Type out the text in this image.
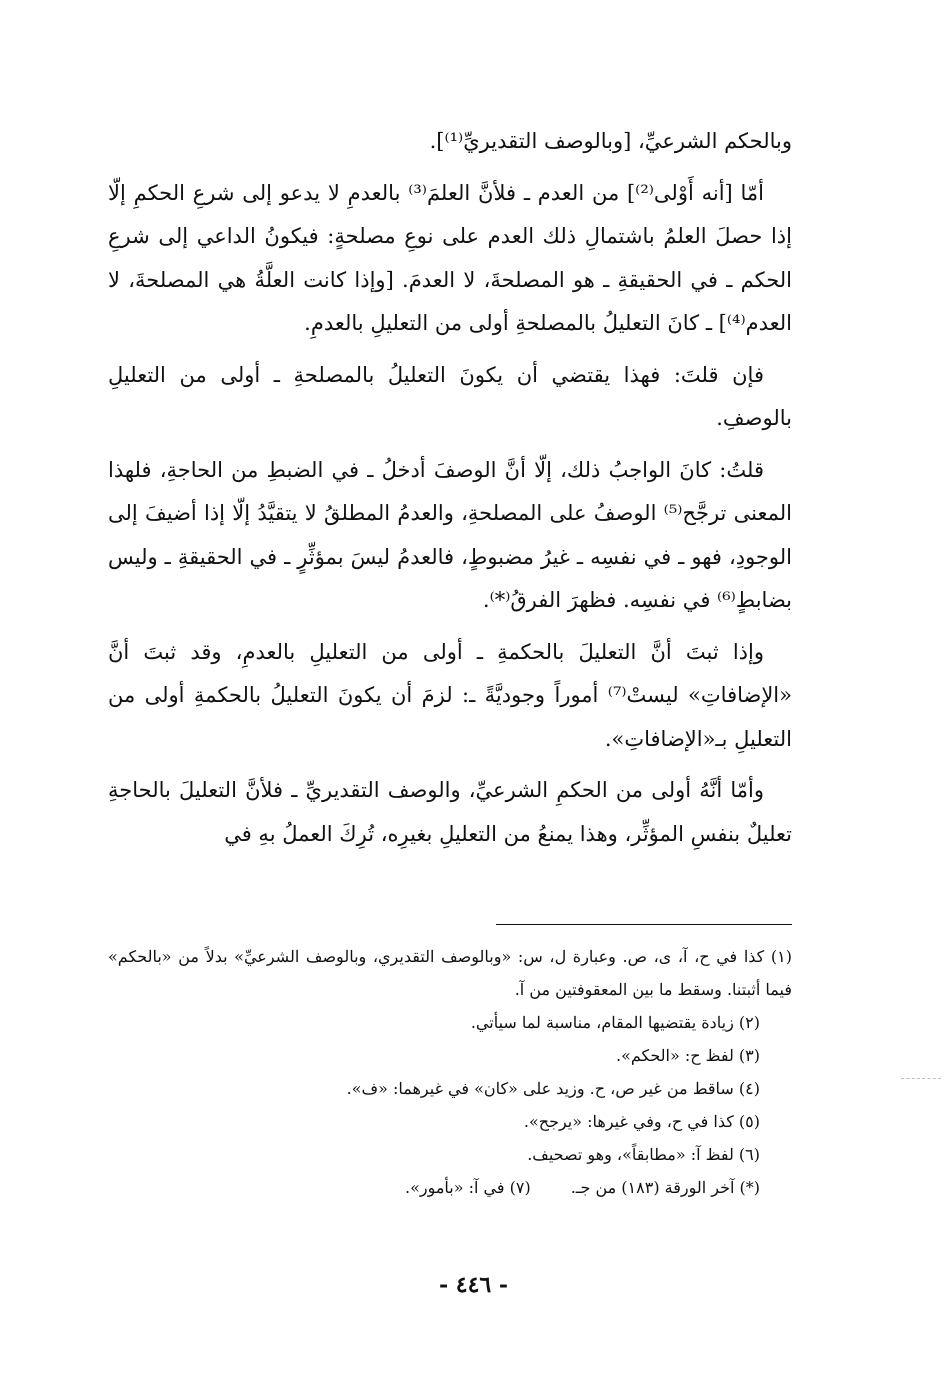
وبالحكم الشرعيِّ، [وبالوصف التقديريِّ⁽¹⁾].

أمّا [أنه أَوْلى⁽²⁾] من العدم ـ فلأنَّ العلمَ⁽³⁾ بالعدمِ لا يدعو إلى شرعِ الحكمِ إلّا إذا حصلَ العلمُ باشتمالِ ذلك العدم على نوعِ مصلحةٍ: فيكونُ الداعي إلى شرعِ الحكم ـ في الحقيقةِ ـ هو المصلحةَ، لا العدمَ. [وإذا كانت العلَّةُ هي المصلحةَ، لا العدم⁽⁴⁾] ـ كانَ التعليلُ بالمصلحةِ أولى من التعليلِ بالعدمِ.

فإن قلتَ: فهذا يقتضي أن يكونَ التعليلُ بالمصلحةِ ـ أولى من التعليلِ بالوصفِ.

قلتُ: كانَ الواجبُ ذلك، إلّا أنَّ الوصفَ أدخلُ ـ في الضبطِ من الحاجةِ، فلهذا المعنى ترجَّح⁽⁵⁾ الوصفُ على المصلحةِ، والعدمُ المطلقُ لا يتقيَّدُ إلّا إذا أضيفَ إلى الوجودِ، فهو ـ في نفسِه ـ غيرُ مضبوطٍ، فالعدمُ ليسَ بمؤثِّرٍ ـ في الحقيقةِ ـ وليس بضابطٍ⁽⁶⁾ في نفسِه. فظهرَ الفرقُ⁽*⁾.

وإذا ثبتَ أنَّ التعليلَ بالحكمةِ ـ أولى من التعليلِ بالعدمِ، وقد ثبتَ أنَّ «الإضافاتِ» ليستْ⁽⁷⁾ أموراً وجوديَّةً ـ: لزمَ أن يكونَ التعليلُ بالحكمةِ أولى من التعليلِ بـ«الإضافاتِ».

وأمّا أنَّهُ أولى من الحكمِ الشرعيِّ، والوصف التقديريِّ ـ فلأنَّ التعليلَ بالحاجةِ تعليلٌ بنفسِ المؤثِّر، وهذا يمنعُ من التعليلِ بغيرِه، تُرِكَ العملُ بهِ في

(١) كذا في ح، آ، ى، ص. وعبارة ل، س: «وبالوصف التقديري، وبالوصف الشرعيِّ» بدلاً من «بالحكم» فيما أثبتنا. وسقط ما بين المعقوفتين من آ.

(٢) زيادة يقتضيها المقام، مناسبة لما سيأتي.

(٣) لفظ ح: «الحكم».

(٤) ساقط من غير ص، ح. وزيد على «كان» في غيرهما: «ف».

(٥) كذا في ح، وفي غيرها: «يرجح».

(٦) لفظ آ: «مطابقاً»، وهو تصحيف.

(*) آخر الورقة (١٨٣) من جـ.
(٧) في آ: «بأمور».
- ٤٤٦ -
